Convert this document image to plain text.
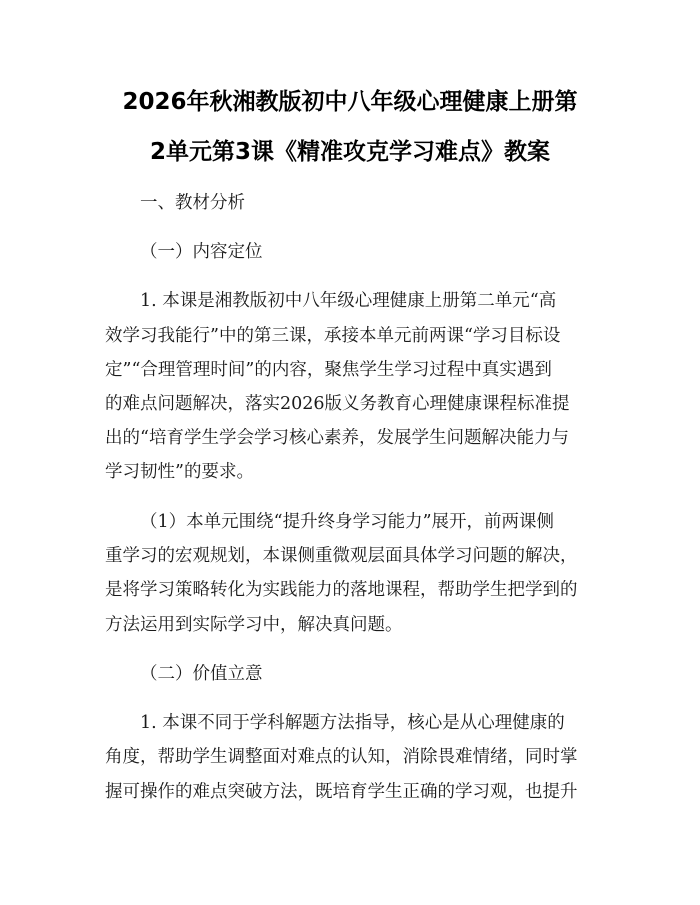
2026年秋湘教版初中八年级心理健康上册第
2单元第3课《精准攻克学习难点》教案
一、教材分析
（一）内容定位
1. 本课是湘教版初中八年级心理健康上册第二单元“高
效学习我能行”中的第三课，承接本单元前两课“学习目标设
定”“合理管理时间”的内容，聚焦学生学习过程中真实遇到
的难点问题解决，落实2026版义务教育心理健康课程标准提
出的“培育学生学会学习核心素养，发展学生问题解决能力与
学习韧性”的要求。
（1）本单元围绕“提升终身学习能力”展开，前两课侧
重学习的宏观规划，本课侧重微观层面具体学习问题的解决，
是将学习策略转化为实践能力的落地课程，帮助学生把学到的
方法运用到实际学习中，解决真问题。
（二）价值立意
1. 本课不同于学科解题方法指导，核心是从心理健康的
角度，帮助学生调整面对难点的认知，消除畏难情绪，同时掌
握可操作的难点突破方法，既培育学生正确的学习观，也提升
